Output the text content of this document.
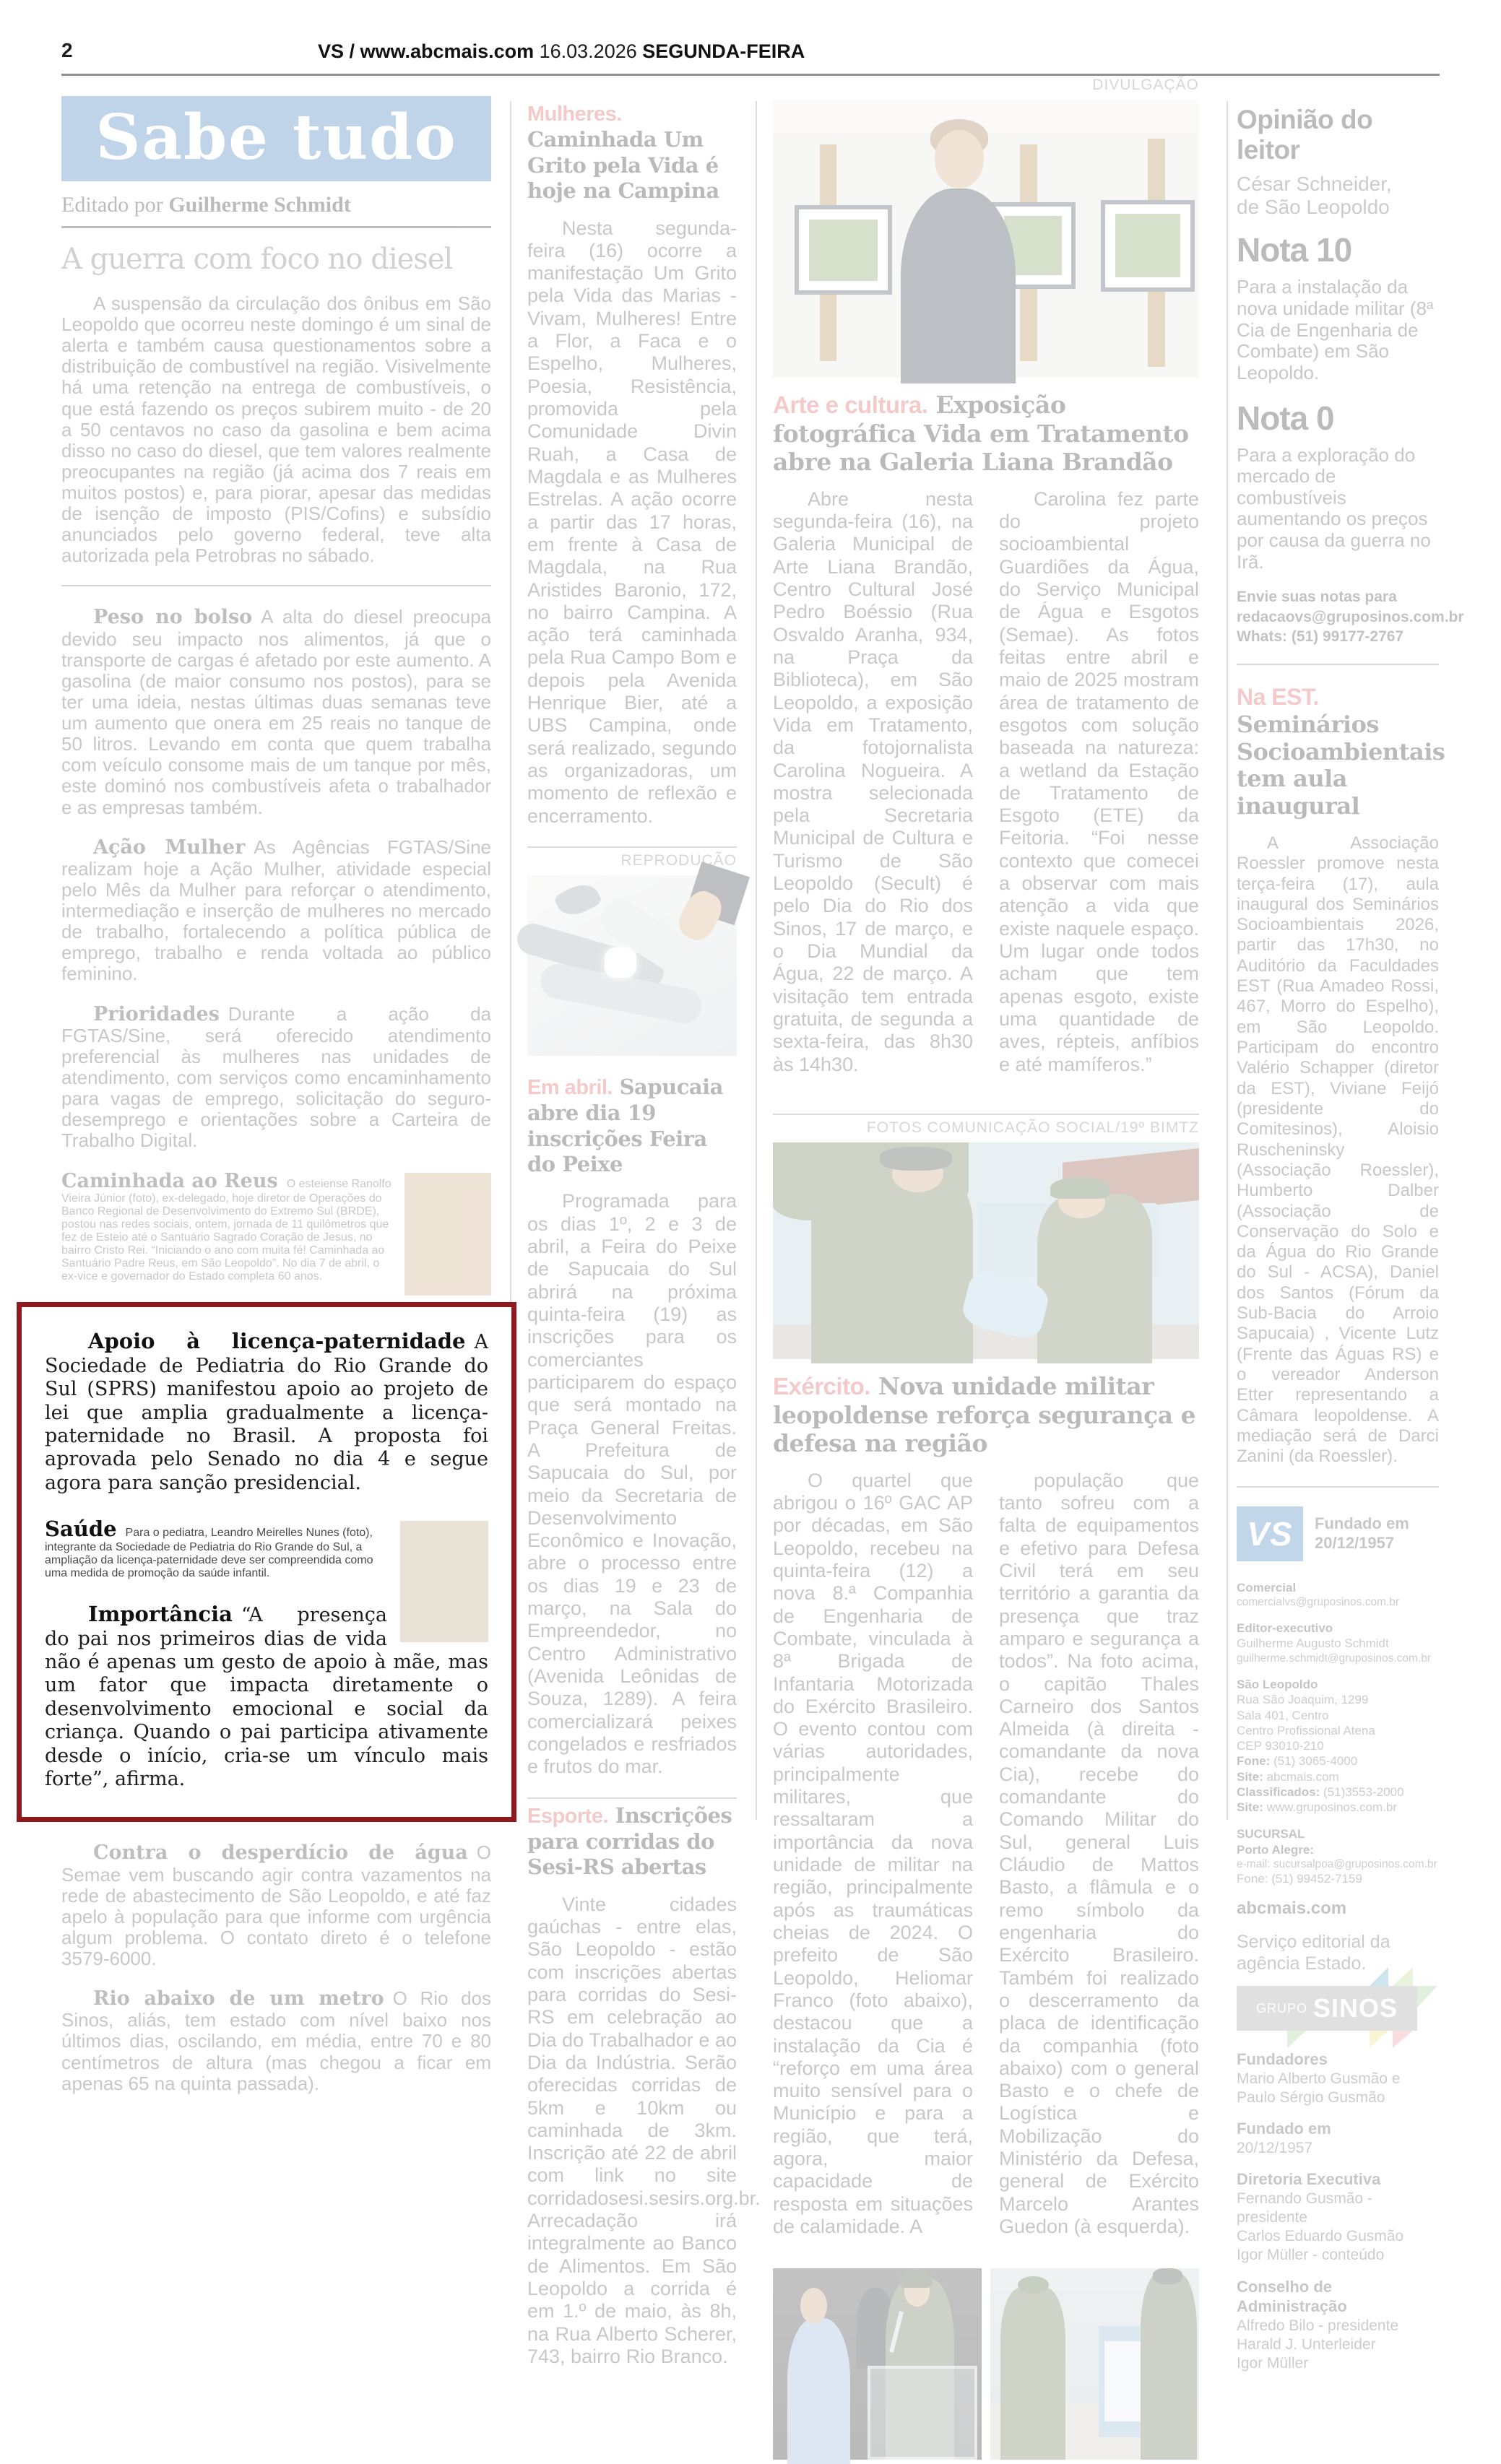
2	VS / www.abcmais.com 16.03.2026 SEGUNDA-FEIRA
Sabe tudo
Editado por Guilherme Schmidt
A guerra com foco no diesel

A suspensão da circulação dos ônibus em São Leopoldo que ocorreu neste domingo é um sinal de alerta e também causa questionamentos sobre a distribuição de combustível na região. Visivelmente há uma retenção na entrega de combustíveis, o que está fazendo os preços subirem muito - de 20 a 50 centavos no caso da gasolina e bem acima disso no caso do diesel, que tem valores realmente preocupantes na região (já acima dos 7 reais em muitos postos) e, para piorar, apesar das medidas de isenção de imposto (PIS/Cofins) e subsídio anunciados pelo governo federal, teve alta autorizada pela Petrobras no sábado.

Peso no bolso A alta do diesel preocupa devido seu impacto nos alimentos, já que o transporte de cargas é afetado por este aumento. A gasolina (de maior consumo nos postos), para se ter uma ideia, nestas últimas duas semanas teve um aumento que onera em 25 reais no tanque de 50 litros. Levando em conta que quem trabalha com veículo consome mais de um tanque por mês, este dominó nos combustíveis afeta o trabalhador e as empresas também.

Ação Mulher As Agências FGTAS/Sine realizam hoje a Ação Mulher, atividade especial pelo Mês da Mulher para reforçar o atendimento, intermediação e inserção de mulheres no mercado de trabalho, fortalecendo a política pública de emprego, trabalho e renda voltada ao público feminino.

Prioridades Durante a ação da FGTAS/Sine, será oferecido atendimento preferencial às mulheres nas unidades de atendimento, com serviços como encaminhamento para vagas de emprego, solicitação do seguro-desemprego e orientações sobre a Carteira de Trabalho Digital.

Caminhada ao Reus O esteiense Ranolfo Vieira Júnior (foto), ex-delegado, hoje diretor de Operações do Banco Regional de Desenvolvimento do Extremo Sul (BRDE), postou nas redes sociais, ontem, jornada de 11 quilômetros que fez de Esteio até o Santuário Sagrado Coração de Jesus, no bairro Cristo Rei. “Iniciando o ano com muita fé! Caminhada ao Santuário Padre Reus, em São Leopoldo”. No dia 7 de abril, o ex-vice e governador do Estado completa 60 anos.

Apoio à licença-paternidade A Sociedade de Pediatria do Rio Grande do Sul (SPRS) manifestou apoio ao projeto de lei que amplia gradualmente a licença-paternidade no Brasil. A proposta foi aprovada pelo Senado no dia 4 e segue agora para sanção presidencial.

Saúde Para o pediatra, Leandro Meirelles Nunes (foto), integrante da Sociedade de Pediatria do Rio Grande do Sul, a ampliação da licença-paternidade deve ser compreendida como uma medida de promoção da saúde infantil.

Importância “A presença do pai nos primeiros dias de vida não é apenas um gesto de apoio à mãe, mas um fator que impacta diretamente o desenvolvimento emocional e social da criança. Quando o pai participa ativamente desde o início, cria-se um vínculo mais forte”, afirma.

Contra o desperdício de água O Semae vem buscando agir contra vazamentos na rede de abastecimento de São Leopoldo, e até faz apelo à população para que informe com urgência algum problema. O contato direto é o telefone 3579-6000.

Rio abaixo de um metro O Rio dos Sinos, aliás, tem estado com nível baixo nos últimos dias, oscilando, em média, entre 70 e 80 centímetros de altura (mas chegou a ficar em apenas 65 na quinta passada).

Mulheres. Caminhada Um Grito pela Vida é hoje na Campina

Nesta segunda-feira (16) ocorre a manifestação Um Grito pela Vida das Marias - Vivam, Mulheres! Entre a Flor, a Faca e o Espelho, Mulheres, Poesia, Resistência, promovida pela Comunidade Divin Ruah, a Casa de Magdala e as Mulheres Estrelas. A ação ocorre a partir das 17 horas, em frente à Casa de Magdala, na Rua Aristides Baronio, 172, no bairro Campina. A ação terá caminhada pela Rua Campo Bom e depois pela Avenida Henrique Bier, até a UBS Campina, onde será realizado, segundo as organizadoras, um momento de reflexão e encerramento.

REPRODUÇÃO
Em abril. Sapucaia abre dia 19 inscrições Feira do Peixe

Programada para os dias 1º, 2 e 3 de abril, a Feira do Peixe de Sapucaia do Sul abrirá na próxima quinta-feira (19) as inscrições para os comerciantes participarem do espaço que será montado na Praça General Freitas. A Prefeitura de Sapucaia do Sul, por meio da Secretaria de Desenvolvimento Econômico e Inovação, abre o processo entre os dias 19 e 23 de março, na Sala do Empreendedor, no Centro Administrativo (Avenida Leônidas de Souza, 1289). A feira comercializará peixes congelados e resfriados e frutos do mar.

Esporte. Inscrições para corridas do Sesi-RS abertas

Vinte cidades gaúchas - entre elas, São Leopoldo - estão com inscrições abertas para corridas do Sesi-RS em celebração ao Dia do Trabalhador e ao Dia da Indústria. Serão oferecidas corridas de 5km e 10km ou caminhada de 3km. Inscrição até 22 de abril com link no site corridadosesi.sesirs.org.br. Arrecadação irá integralmente ao Banco de Alimentos. Em São Leopoldo a corrida é em 1.º de maio, às 8h, na Rua Alberto Scherer, 743, bairro Rio Branco.

DIVULGAÇÃO
Arte e cultura. Exposição fotográfica Vida em Tratamento abre na Galeria Liana Brandão

Abre nesta segunda-feira (16), na Galeria Municipal de Arte Liana Brandão, Centro Cultural José Pedro Boéssio (Rua Osvaldo Aranha, 934, na Praça da Biblioteca), em São Leopoldo, a exposição Vida em Tratamento, da fotojornalista Carolina Nogueira. A mostra selecionada pela Secretaria Municipal de Cultura e Turismo de São Leopoldo (Secult) é pelo Dia do Rio dos Sinos, 17 de março, e o Dia Mundial da Água, 22 de março. A visitação tem entrada gratuita, de segunda a sexta-feira, das 8h30 às 14h30.

Carolina fez parte do projeto socioambiental Guardiões da Água, do Serviço Municipal de Água e Esgotos (Semae). As fotos feitas entre abril e maio de 2025 mostram área de tratamento de esgotos com solução baseada na natureza: a wetland da Estação de Tratamento de Esgoto (ETE) da Feitoria. “Foi nesse contexto que comecei a observar com mais atenção a vida que existe naquele espaço. Um lugar onde todos acham que tem apenas esgoto, existe uma quantidade de aves, répteis, anfíbios e até mamíferos.”

FOTOS COMUNICAÇÃO SOCIAL/19º BIMTZ
Exército. Nova unidade militar leopoldense reforça segurança e defesa na região

O quartel que abrigou o 16º GAC AP por décadas, em São Leopoldo, recebeu na quinta-feira (12) a nova 8.ª Companhia de Engenharia de Combate, vinculada à 8ª Brigada de Infantaria Motorizada do Exército Brasileiro. O evento contou com várias autoridades, principalmente militares, que ressaltaram a importância da nova unidade de militar na região, principalmente após as traumáticas cheias de 2024. O prefeito de São Leopoldo, Heliomar Franco (foto abaixo), destacou que a instalação da Cia é “reforço em uma área muito sensível para o Município e para a região, que terá, agora, maior capacidade de resposta em situações de calamidade. A

população que tanto sofreu com a falta de equipamentos e efetivo para Defesa Civil terá em seu território a garantia da presença que traz amparo e segurança a todos”. Na foto acima, o capitão Thales Carneiro dos Santos Almeida (à direita - comandante da nova Cia), recebe do comandante do Comando Militar do Sul, general Luis Cláudio de Mattos Basto, a flâmula e o remo símbolo da engenharia do Exército Brasileiro. Também foi realizado o descerramento da placa de identificação da companhia (foto abaixo) com o general Basto e o chefe de Logística e Mobilização do Ministério da Defesa, general de Exército Marcelo Arantes Guedon (à esquerda).

Opinião do leitor
César Schneider,
de São Leopoldo
Nota 10
Para a instalação da nova unidade militar (8ª Cia de Engenharia de Combate) em São Leopoldo.
Nota 0
Para a exploração do mercado de combustíveis aumentando os preços por causa da guerra no Irã.
Envie suas notas para
redacaovs@gruposinos.com.br
Whats: (51) 99177-2767
Na EST. Seminários Socioambientais tem aula inaugural

A Associação Roessler promove nesta terça-feira (17), aula inaugural dos Seminários Socioambientais 2026, partir das 17h30, no Auditório da Faculdades EST (Rua Amadeo Rossi, 467, Morro do Espelho), em São Leopoldo. Participam do encontro Valério Schapper (diretor da EST), Viviane Feijó (presidente do Comitesinos), Aloisio Ruscheninsky (Associação Roessler), Humberto Dalber (Associação de Conservação do Solo e da Água do Rio Grande do Sul - ACSA), Daniel dos Santos (Fórum da Sub-Bacia do Arroio Sapucaia) , Vicente Lutz (Frente das Águas RS) e o vereador Anderson Etter representando a Câmara leopoldense. A mediação será de Darci Zanini (da Roessler).

VS	Fundado em
20/12/1957
Comercial
comercialvs@gruposinos.com.br
Editor-executivo
Guilherme Augusto Schmidt
guilherme.schmidt@gruposinos.com.br
São Leopoldo
Rua São Joaquim, 1299
Sala 401, Centro
Centro Profissional Atena
CEP 93010-210
Fone: (51) 3065-4000
Site: abcmais.com
Classificados: (51)3553-2000
Site: www.gruposinos.com.br
SUCURSAL
Porto Alegre:
e-mail: sucursalpoa@gruposinos.com.br
Fone: (51) 99452-7159
abcmais.com
Serviço editorial da agência Estado.
GRUPO SINOS
Fundadores
Mario Alberto Gusmão e
Paulo Sérgio Gusmão
Fundado em
20/12/1957
Diretoria Executiva
Fernando Gusmão - presidente
Carlos Eduardo Gusmão
Igor Müller - conteúdo
Conselho de Administração
Alfredo Bilo - presidente
Harald J. Unterleider
Igor Müller
